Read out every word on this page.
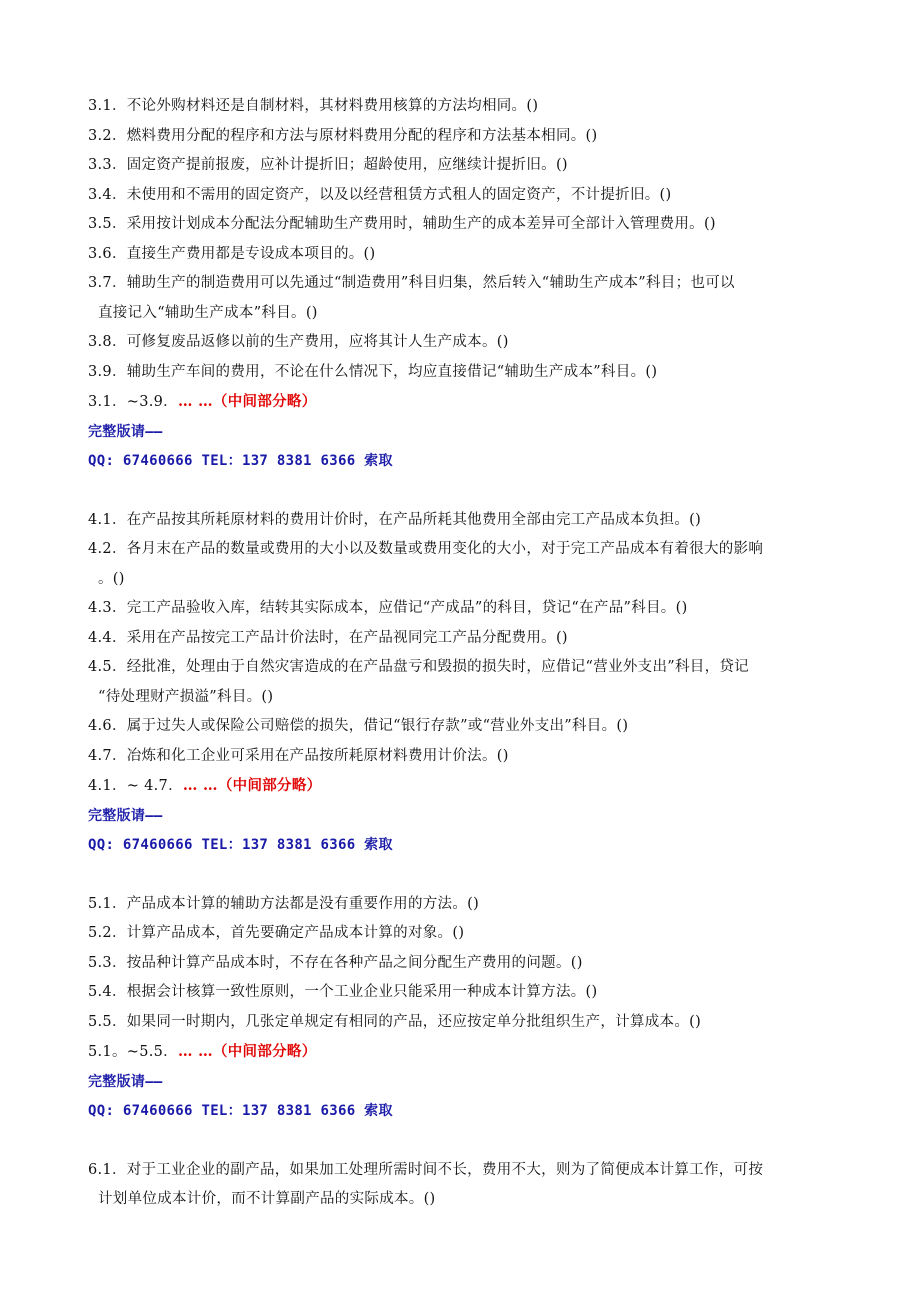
3.1．不论外购材料还是自制材料，其材料费用核算的方法均相同。()

3.2．燃料费用分配的程序和方法与原材料费用分配的程序和方法基本相同。()

3.3．固定资产提前报废，应补计提折旧；超龄使用，应继续计提折旧。()

3.4．未使用和不需用的固定资产，以及以经营租赁方式租人的固定资产，不计提折旧。()

3.5．采用按计划成本分配法分配辅助生产费用时，辅助生产的成本差异可全部计入管理费用。()

3.6．直接生产费用都是专设成本项目的。()

3.7．辅助生产的制造费用可以先通过“制造费用”科目归集，然后转入“辅助生产成本”科目；也可以

直接记入“辅助生产成本”科目。()

3.8．可修复废品返修以前的生产费用，应将其计人生产成本。()

3.9．辅助生产车间的费用，不论在什么情况下，均应直接借记“辅助生产成本”科目。()

3.1．~3.9．… …（中间部分略）

完整版请——

QQ: 67460666 TEL：137 8381 6366 索取

4.1．在产品按其所耗原材料的费用计价时，在产品所耗其他费用全部由完工产品成本负担。()

4.2．各月末在产品的数量或费用的大小以及数量或费用变化的大小，对于完工产品成本有着很大的影响

。()

4.3．完工产品验收入库，结转其实际成本，应借记“产成品”的科目，贷记“在产品”科目。()

4.4．采用在产品按完工产品计价法时，在产品视同完工产品分配费用。()

4.5．经批准，处理由于自然灾害造成的在产品盘亏和毁损的损失时，应借记“营业外支出”科目，贷记

“待处理财产损溢”科目。()

4.6．属于过失人或保险公司赔偿的损失，借记“银行存款”或“营业外支出”科目。()

4.7．冶炼和化工企业可采用在产品按所耗原材料费用计价法。()

4.1．~ 4.7．… …（中间部分略）

完整版请——

QQ: 67460666 TEL：137 8381 6366 索取

5.1．产品成本计算的辅助方法都是没有重要作用的方法。()

5.2．计算产品成本，首先要确定产品成本计算的对象。()

5.3．按品种计算产品成本时，不存在各种产品之间分配生产费用的问题。()

5.4．根据会计核算一致性原则，一个工业企业只能采用一种成本计算方法。()

5.5．如果同一时期内，几张定单规定有相同的产品，还应按定单分批组织生产，计算成本。()

5.1。~5.5．… …（中间部分略）

完整版请——

QQ: 67460666 TEL：137 8381 6366 索取

6.1．对于工业企业的副产品，如果加工处理所需时间不长，费用不大，则为了简便成本计算工作，可按

计划单位成本计价，而不计算副产品的实际成本。()
